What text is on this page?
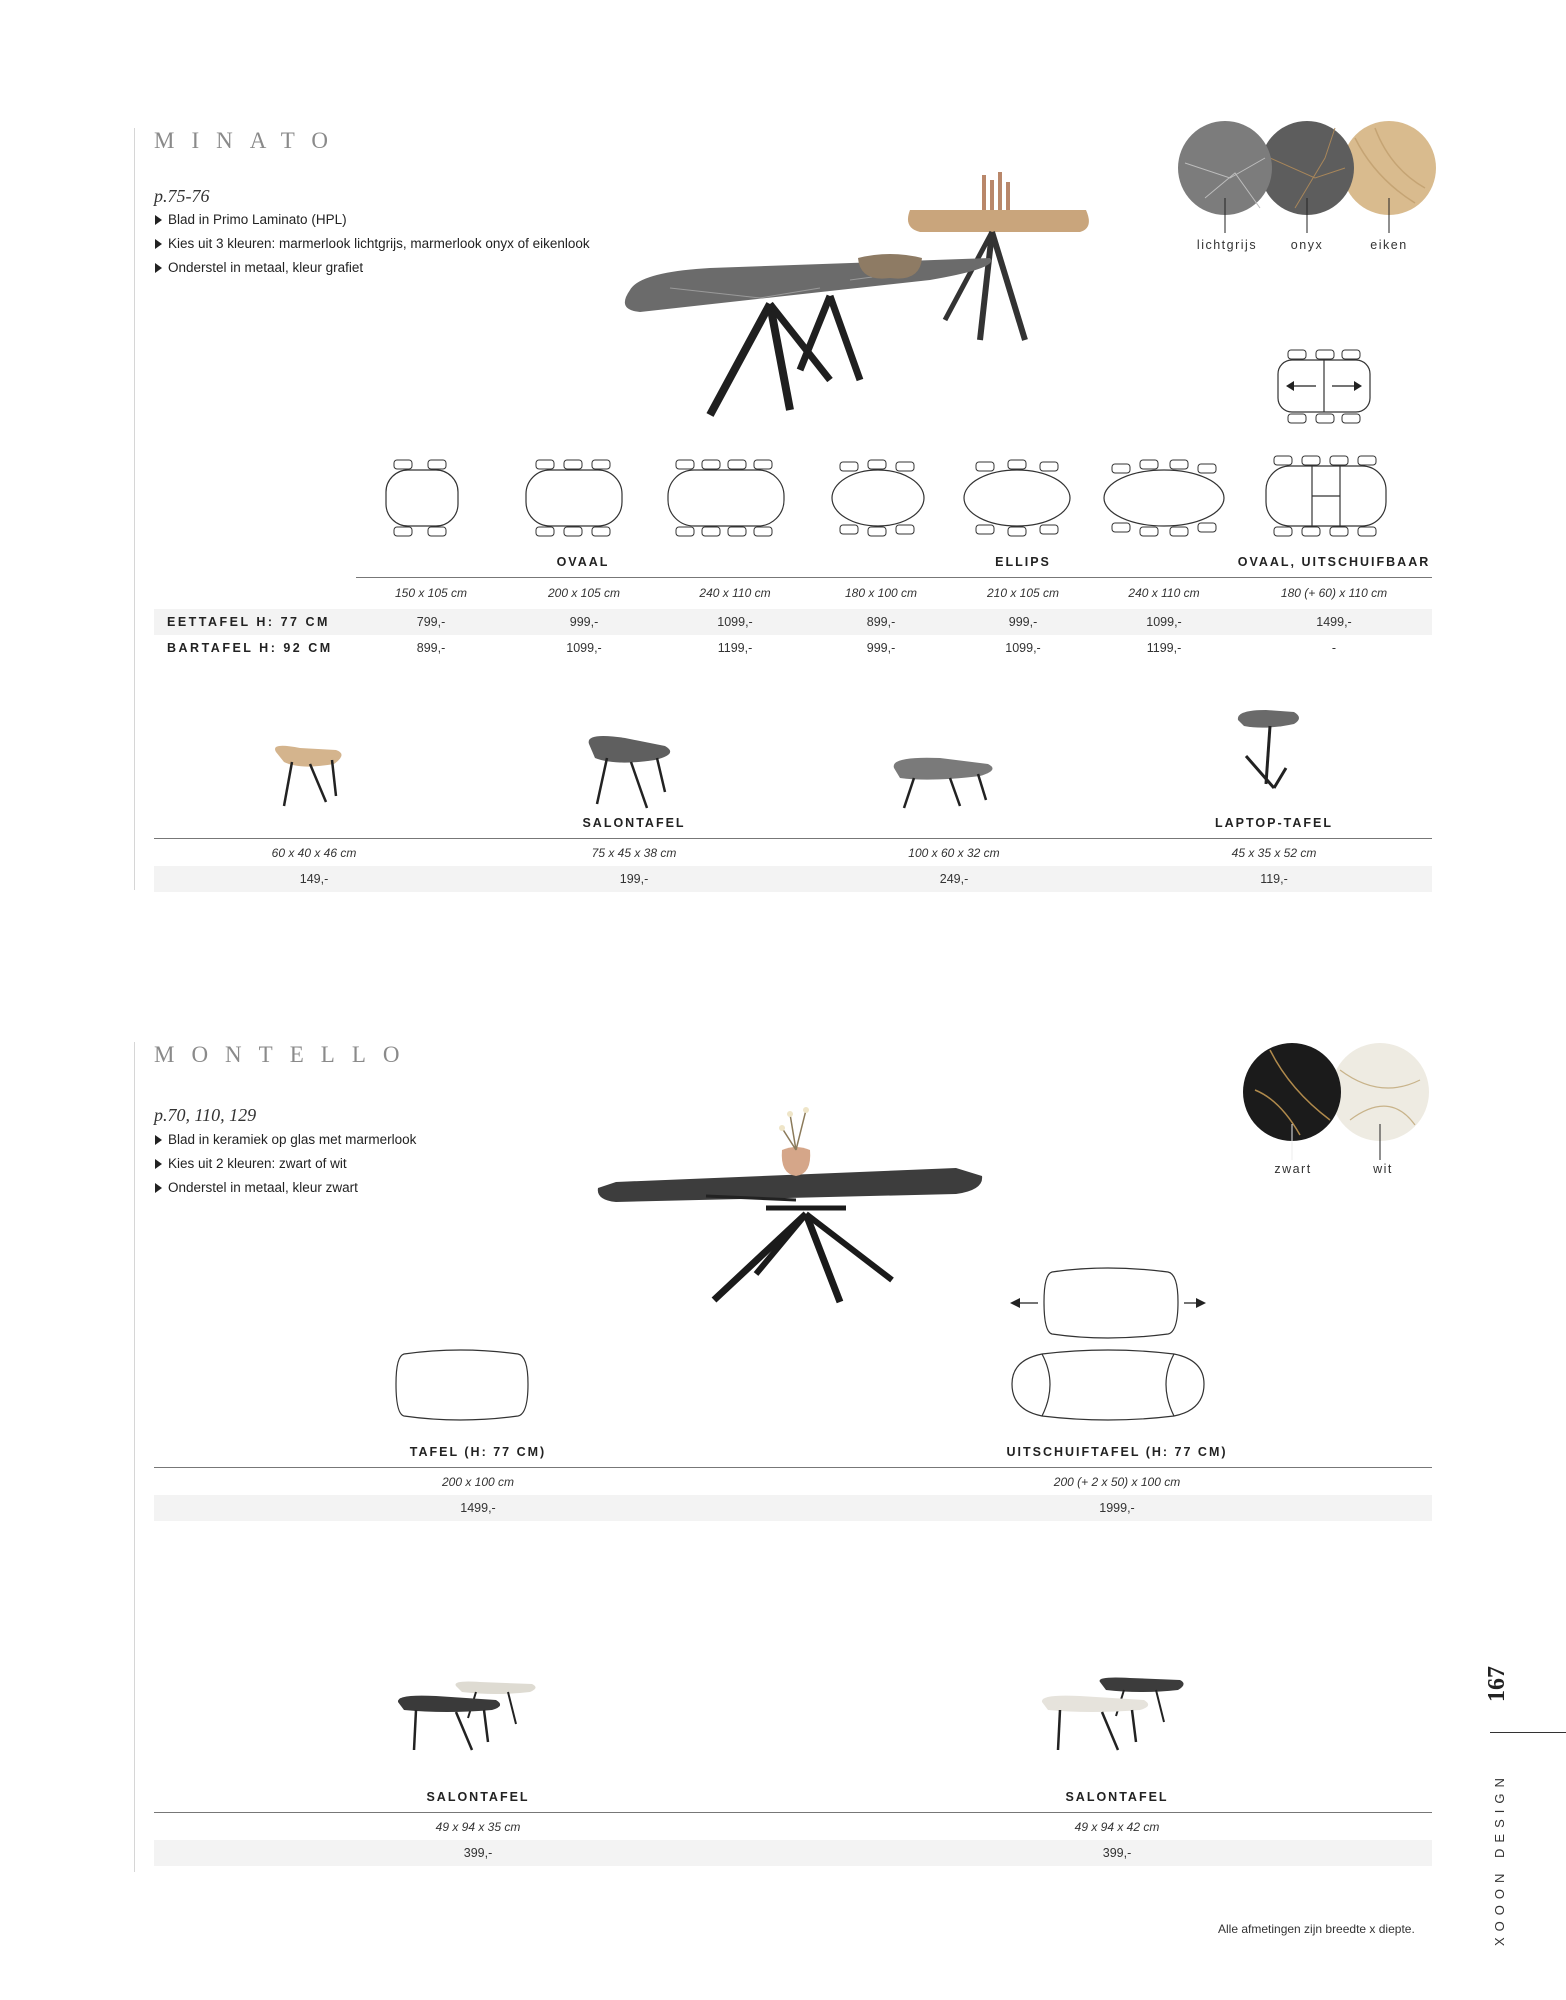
MINATO
p.75-76
Blad in Primo Laminato (HPL)
Kies uit 3 kleuren: marmerlook lichtgrijs, marmerlook onyx of eikenlook
Onderstel in metaal, kleur grafiet
lichtgrijs	onyx	eiken
OVAAL	ELLIPS	OVAAL, UITSCHUIFBAAR
150 x 105 cm	200 x 105 cm	240 x 110 cm	180 x 100 cm	210 x 105 cm	240 x 110 cm	180 (+ 60) x 110 cm
EETTAFEL H: 77 CM	799,-	999,-	1099,-	899,-	999,-	1099,-	1499,-
BARTAFEL H: 92 CM	899,-	1099,-	1199,-	999,-	1099,-	1199,-	-
SALONTAFEL	LAPTOP-TAFEL
60 x 40 x 46 cm	75 x 45 x 38 cm	100 x 60 x 32 cm	45 x 35 x 52 cm
149,-	199,-	249,-	119,-
MONTELLO
p.70, 110, 129
Blad in keramiek op glas met marmerlook
Kies uit 2 kleuren: zwart of wit
Onderstel in metaal, kleur zwart
zwart	wit
TAFEL (H: 77 CM)	UITSCHUIFTAFEL (H: 77 CM)
200 x 100 cm	200 (+ 2 x 50) x 100 cm
1499,-	1999,-
SALONTAFEL	SALONTAFEL
49 x 94 x 35 cm	49 x 94 x 42 cm
399,-	399,-
167
XOOON DESIGN
Alle afmetingen zijn breedte x diepte.
